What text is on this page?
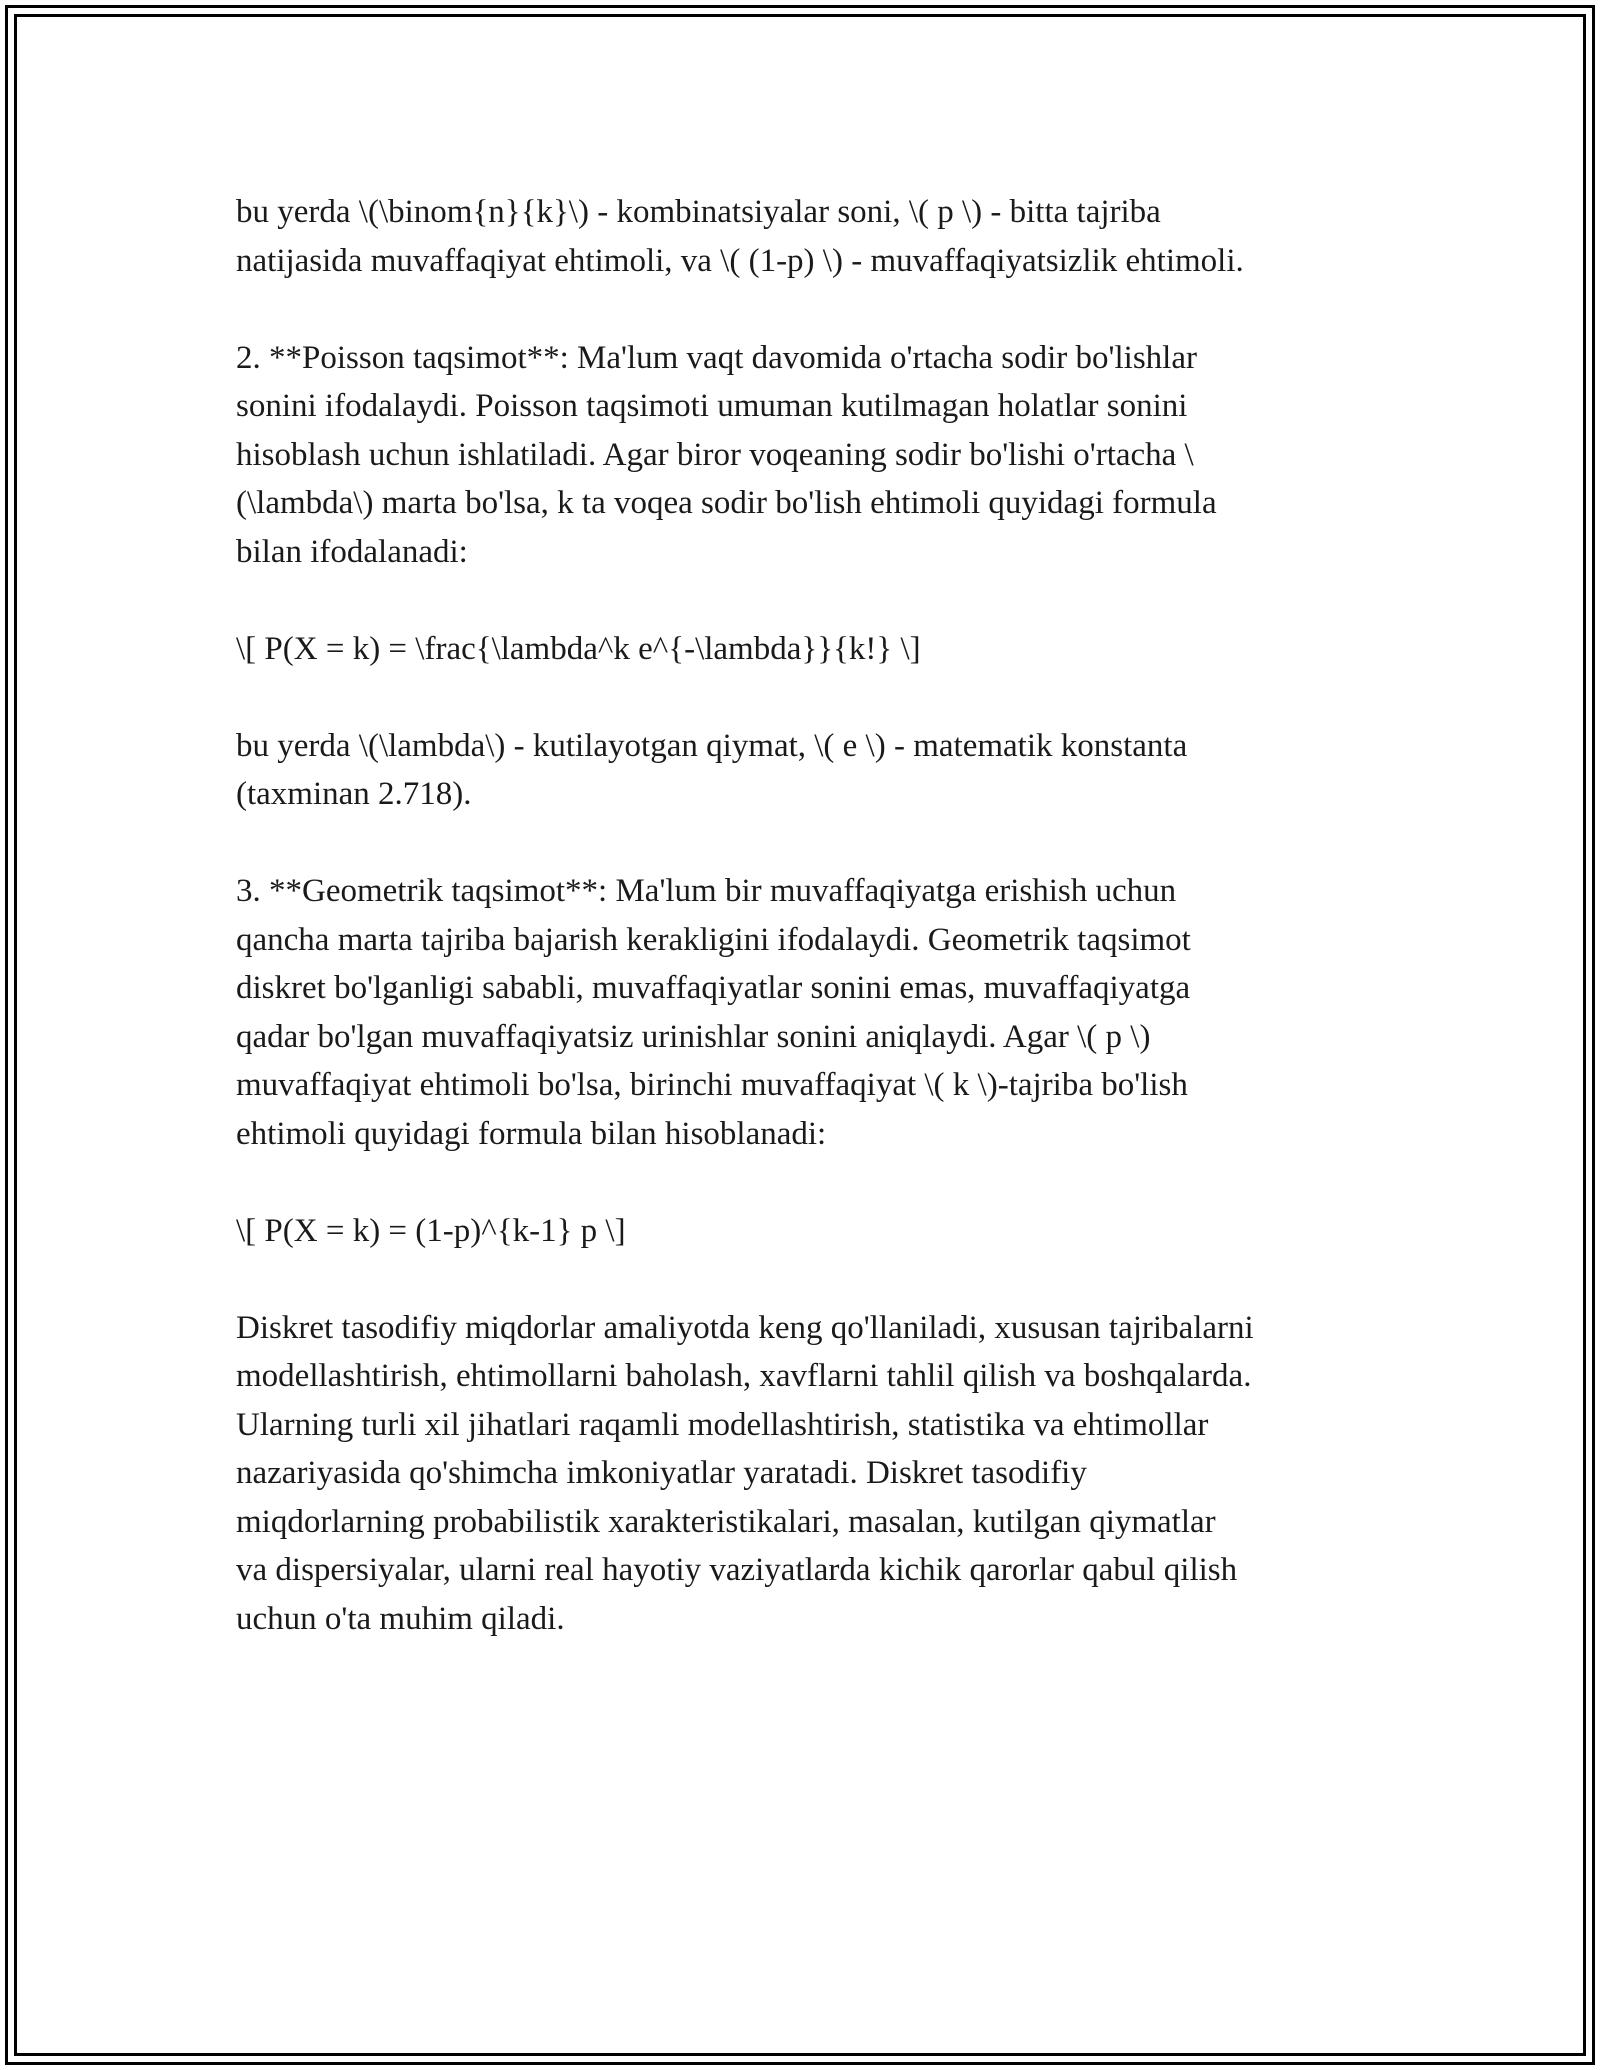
bu yerda \(\binom{n}{k}\) - kombinatsiyalar soni, \( p \) - bitta tajriba
natijasida muvaffaqiyat ehtimoli, va \( (1-p) \) - muvaffaqiyatsizlik ehtimoli.
2. **Poisson taqsimot**: Ma'lum vaqt davomida o'rtacha sodir bo'lishlar
sonini ifodalaydi. Poisson taqsimoti umuman kutilmagan holatlar sonini
hisoblash uchun ishlatiladi. Agar biror voqeaning sodir bo'lishi o'rtacha \
(\lambda\) marta bo'lsa, k ta voqea sodir bo'lish ehtimoli quyidagi formula
bilan ifodalanadi:
\[ P(X = k) = \frac{\lambda^k e^{-\lambda}}{k!} \]
bu yerda \(\lambda\) - kutilayotgan qiymat, \( e \) - matematik konstanta
(taxminan 2.718).
3. **Geometrik taqsimot**: Ma'lum bir muvaffaqiyatga erishish uchun
qancha marta tajriba bajarish kerakligini ifodalaydi. Geometrik taqsimot
diskret bo'lganligi sababli, muvaffaqiyatlar sonini emas, muvaffaqiyatga
qadar bo'lgan muvaffaqiyatsiz urinishlar sonini aniqlaydi. Agar \( p \)
muvaffaqiyat ehtimoli bo'lsa, birinchi muvaffaqiyat \( k \)-tajriba bo'lish
ehtimoli quyidagi formula bilan hisoblanadi:
\[ P(X = k) = (1-p)^{k-1} p \]
Diskret tasodifiy miqdorlar amaliyotda keng qo'llaniladi, xususan tajribalarni
modellashtirish, ehtimollarni baholash, xavflarni tahlil qilish va boshqalarda.
Ularning turli xil jihatlari raqamli modellashtirish, statistika va ehtimollar
nazariyasida qo'shimcha imkoniyatlar yaratadi. Diskret tasodifiy
miqdorlarning probabilistik xarakteristikalari, masalan, kutilgan qiymatlar
va dispersiyalar, ularni real hayotiy vaziyatlarda kichik qarorlar qabul qilish
uchun o'ta muhim qiladi.
